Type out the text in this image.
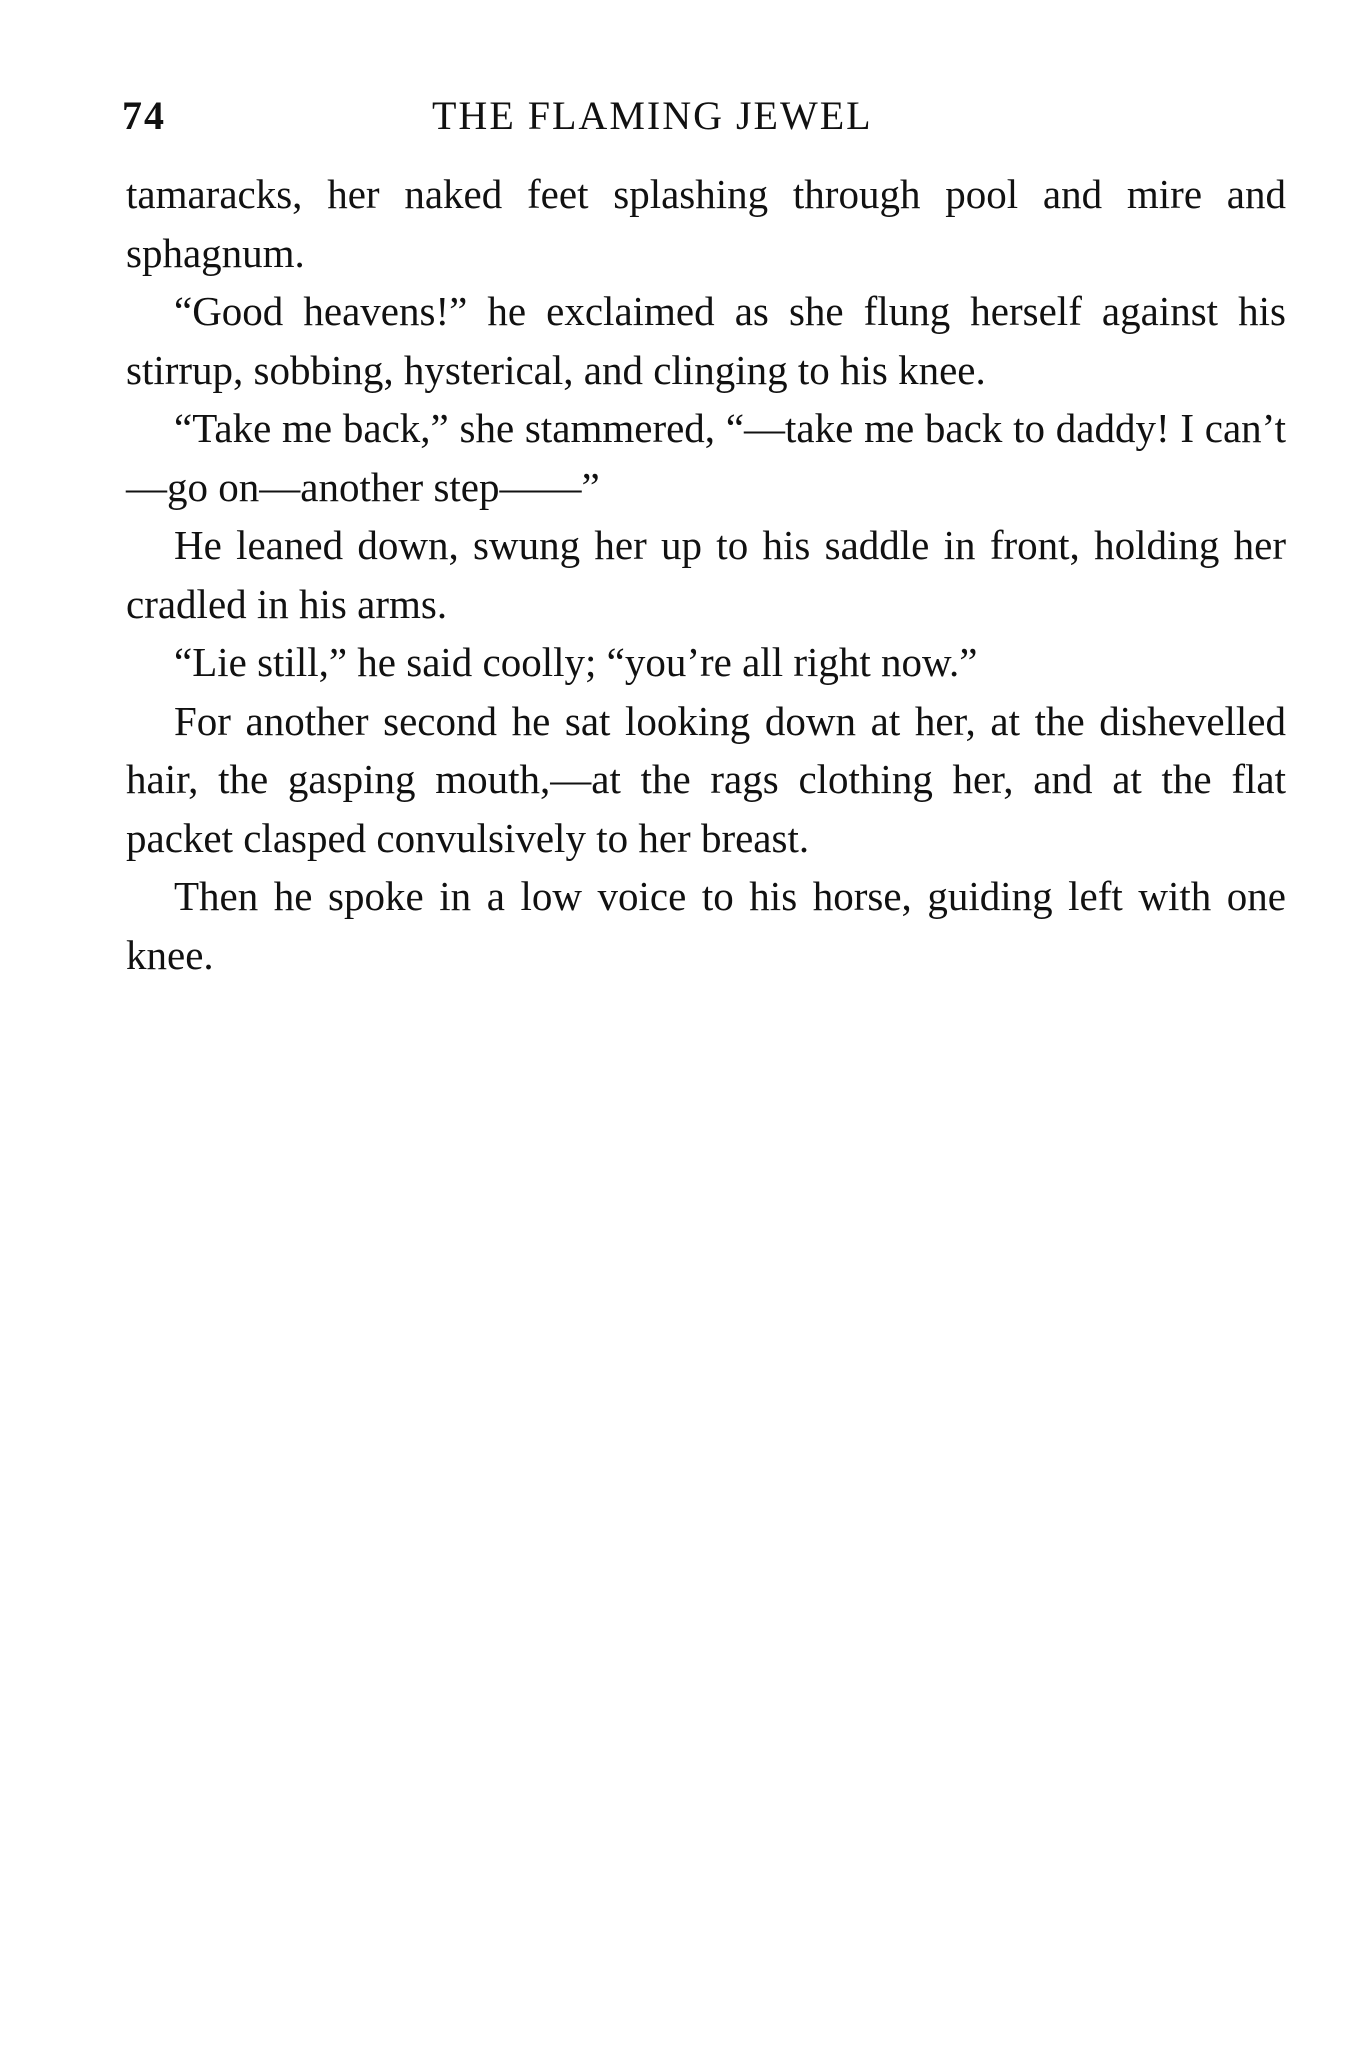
74	THE FLAMING JEWEL

tamaracks, her naked feet splashing through pool and mire and sphagnum.

“Good heavens!” he exclaimed as she flung herself against his stirrup, sobbing, hysterical, and clinging to his knee.

“Take me back,” she stammered, “—take me back to daddy! I can’t—go on—another step——”

He leaned down, swung her up to his saddle in front, holding her cradled in his arms.

“Lie still,” he said coolly; “you’re all right now.”

For another second he sat looking down at her, at the dishevelled hair, the gasping mouth,—at the rags clothing her, and at the flat packet clasped convulsively to her breast.

Then he spoke in a low voice to his horse, guiding left with one knee.
